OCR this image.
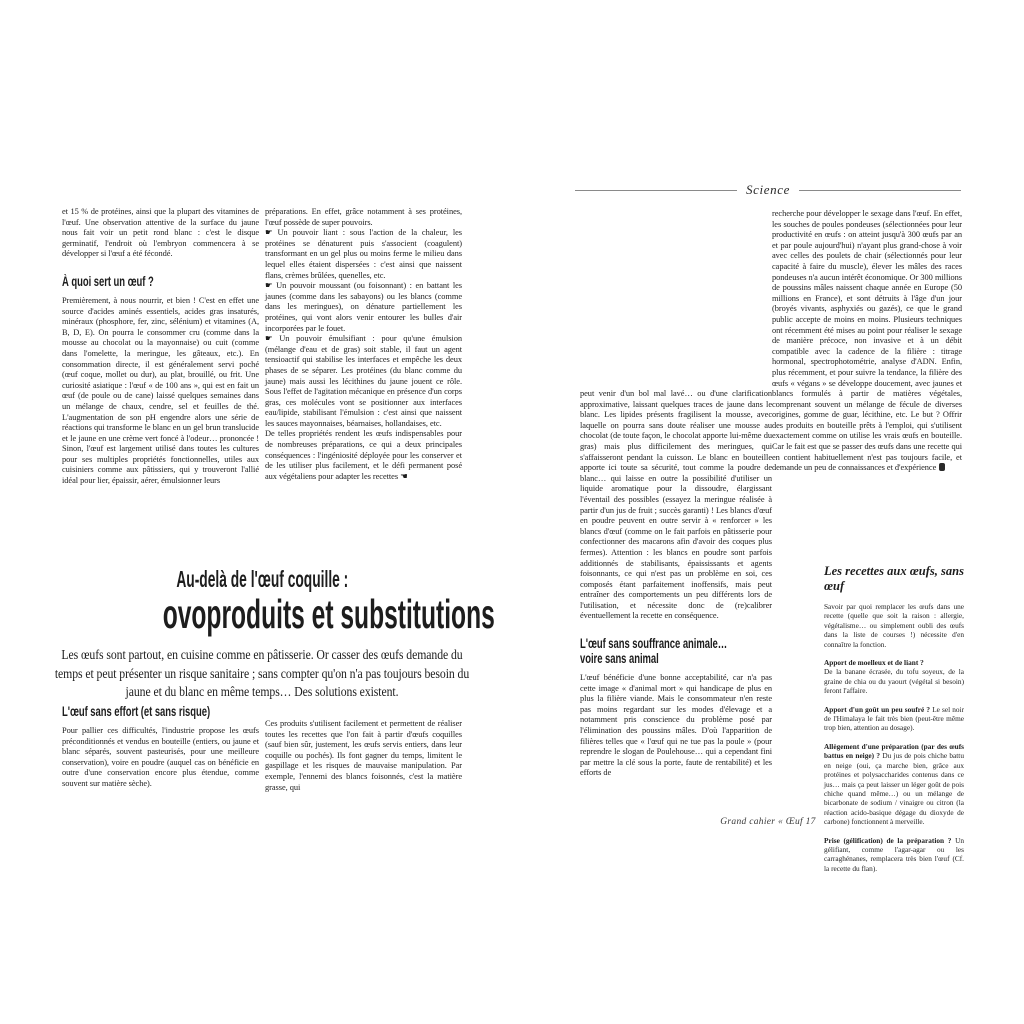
et 15 % de protéines, ainsi que la plupart des vitamines de l'œuf. Une observation attentive de la surface du jaune nous fait voir un petit rond blanc : c'est le disque germinatif, l'endroit où l'embryon commencera à se développer si l'œuf a été fécondé.

À quoi sert un œuf ?

Premièrement, à nous nourrir, et bien ! C'est en effet une source d'acides aminés essentiels, acides gras insaturés, minéraux (phosphore, fer, zinc, sélénium) et vitamines (A, B, D, E). On pourra le consommer cru (comme dans la mousse au chocolat ou la mayonnaise) ou cuit (comme dans l'omelette, la meringue, les gâteaux, etc.). En consommation directe, il est généralement servi poché (œuf coque, mollet ou dur), au plat, brouillé, ou frit. Une curiosité asiatique : l'œuf « de 100 ans », qui est en fait un œuf (de poule ou de cane) laissé quelques semaines dans un mélange de chaux, cendre, sel et feuilles de thé. L'augmentation de son pH engendre alors une série de réactions qui transforme le blanc en un gel brun translucide et le jaune en une crème vert foncé à l'odeur… prononcée ! Sinon, l'œuf est largement utilisé dans toutes les cultures pour ses multiples propriétés fonctionnelles, utiles aux cuisiniers comme aux pâtissiers, qui y trouveront l'allié idéal pour lier, épaissir, aérer, émulsionner leurs

préparations. En effet, grâce notamment à ses protéines, l'œuf possède de super pouvoirs.

☛ Un pouvoir liant : sous l'action de la chaleur, les protéines se dénaturent puis s'associent (coagulent) transformant en un gel plus ou moins ferme le milieu dans lequel elles étaient dispersées : c'est ainsi que naissent flans, crèmes brûlées, quenelles, etc.

☛ Un pouvoir moussant (ou foisonnant) : en battant les jaunes (comme dans les sabayons) ou les blancs (comme dans les meringues), on dénature partiellement les protéines, qui vont alors venir entourer les bulles d'air incorporées par le fouet.

☛ Un pouvoir émulsifiant : pour qu'une émulsion (mélange d'eau et de gras) soit stable, il faut un agent tensioactif qui stabilise les interfaces et empêche les deux phases de se séparer. Les protéines (du blanc comme du jaune) mais aussi les lécithines du jaune jouent ce rôle. Sous l'effet de l'agitation mécanique en présence d'un corps gras, ces molécules vont se positionner aux interfaces eau/lipide, stabilisant l'émulsion : c'est ainsi que naissent les sauces mayonnaises, béarnaises, hollandaises, etc.

De telles propriétés rendent les œufs indispensables pour de nombreuses préparations, ce qui a deux principales conséquences : l'ingéniosité déployée pour les conserver et de les utiliser plus facilement, et le défi permanent posé aux végétaliens pour adapter les recettes ☚

Au-delà de l'œuf coquille :
ovoproduits et substitutions
Les œufs sont partout, en cuisine comme en pâtisserie. Or casser des œufs demande du temps et peut présenter un risque sanitaire ; sans compter qu'on n'a pas toujours besoin du jaune et du blanc en même temps… Des solutions existent.
L'œuf sans effort (et sans risque)

Pour pallier ces difficultés, l'industrie propose les œufs préconditionnés et vendus en bouteille (entiers, ou jaune et blanc séparés, souvent pasteurisés, pour une meilleure conservation), voire en poudre (auquel cas on bénéficie en outre d'une conservation encore plus étendue, comme souvent sur matière sèche).

Ces produits s'utilisent facilement et permettent de réaliser toutes les recettes que l'on fait à partir d'œufs coquilles (sauf bien sûr, justement, les œufs servis entiers, dans leur coquille ou pochés). Ils font gagner du temps, limitent le gaspillage et les risques de mauvaise manipulation. Par exemple, l'ennemi des blancs foisonnés, c'est la matière grasse, qui

Science

peut venir d'un bol mal lavé… ou d'une clarification approximative, laissant quelques traces de jaune dans le blanc. Les lipides présents fragilisent la mousse, avec laquelle on pourra sans doute réaliser une mousse au chocolat (de toute façon, le chocolat apporte lui-même du gras) mais plus difficilement des meringues, qui s'affaisseront pendant la cuisson. Le blanc en bouteille apporte ici toute sa sécurité, tout comme la poudre de blanc… qui laisse en outre la possibilité d'utiliser un liquide aromatique pour la dissoudre, élargissant l'éventail des possibles (essayez la meringue réalisée à partir d'un jus de fruit ; succès garanti) ! Les blancs d'œuf en poudre peuvent en outre servir à « renforcer » les blancs d'œuf (comme on le fait parfois en pâtisserie pour confectionner des macarons afin d'avoir des coques plus fermes). Attention : les blancs en poudre sont parfois additionnés de stabilisants, épaississants et agents foisonnants, ce qui n'est pas un problème en soi, ces composés étant parfaitement inoffensifs, mais peut entraîner des comportements un peu différents lors de l'utilisation, et nécessite donc de (re)calibrer éventuellement la recette en conséquence.

L'œuf sans souffrance animale…
voire sans animal

L'œuf bénéficie d'une bonne acceptabilité, car n'a pas cette image « d'animal mort » qui handicape de plus en plus la filière viande. Mais le consommateur n'en reste pas moins regardant sur les modes d'élevage et a notamment pris conscience du problème posé par l'élimination des poussins mâles. D'où l'apparition de filières telles que « l'œuf qui ne tue pas la poule » (pour reprendre le slogan de Poulehouse… qui a cependant fini par mettre la clé sous la porte, faute de rentabilité) et les efforts de

recherche pour développer le sexage dans l'œuf. En effet, les souches de poules pondeuses (sélectionnées pour leur productivité en œufs : on atteint jusqu'à 300 œufs par an et par poule aujourd'hui) n'ayant plus grand-chose à voir avec celles des poulets de chair (sélectionnés pour leur capacité à faire du muscle), élever les mâles des races pondeuses n'a aucun intérêt économique. Or 300 millions de poussins mâles naissent chaque année en Europe (50 millions en France), et sont détruits à l'âge d'un jour (broyés vivants, asphyxiés ou gazés), ce que le grand public accepte de moins en moins. Plusieurs techniques ont récemment été mises au point pour réaliser le sexage de manière précoce, non invasive et à un débit compatible avec la cadence de la filière : titrage hormonal, spectrophotométrie, analyse d'ADN. Enfin, plus récemment, et pour suivre la tendance, la filière des œufs « végans » se développe doucement, avec jaunes et blancs formulés à partir de matières végétales, comprenant souvent un mélange de fécule de diverses origines, gomme de guar, lécithine, etc. Le but ? Offrir des produits en bouteille prêts à l'emploi, qui s'utilisent exactement comme on utilise les vrais œufs en bouteille. Car le fait est que se passer des œufs dans une recette qui en contient habituellement n'est pas toujours facile, et demande un peu de connaissances et d'expérience

Les recettes aux œufs, sans œuf

Savoir par quoi remplacer les œufs dans une recette (quelle que soit la raison : allergie, végétalisme… ou simplement oubli des œufs dans la liste de courses !) nécessite d'en connaître la fonction.

Apport de moelleux et de liant ?
De la banane écrasée, du tofu soyeux, de la graine de chia ou du yaourt (végétal si besoin) feront l'affaire.

Apport d'un goût un peu soufré ? Le sel noir de l'Himalaya le fait très bien (peut-être même trop bien, attention au dosage).

Allègement d'une préparation (par des œufs battus en neige) ? Du jus de pois chiche battu en neige (oui, ça marche bien, grâce aux protéines et polysaccharides contenus dans ce jus… mais ça peut laisser un léger goût de pois chiche quand même…) ou un mélange de bicarbonate de sodium / vinaigre ou citron (la réaction acido-basique dégage du dioxyde de carbone) fonctionnent à merveille.

Prise (gélification) de la préparation ? Un gélifiant, comme l'agar-agar ou les carraghénanes, remplacera très bien l'œuf (Cf. la recette du flan).

Grand cahier « Œuf 17
